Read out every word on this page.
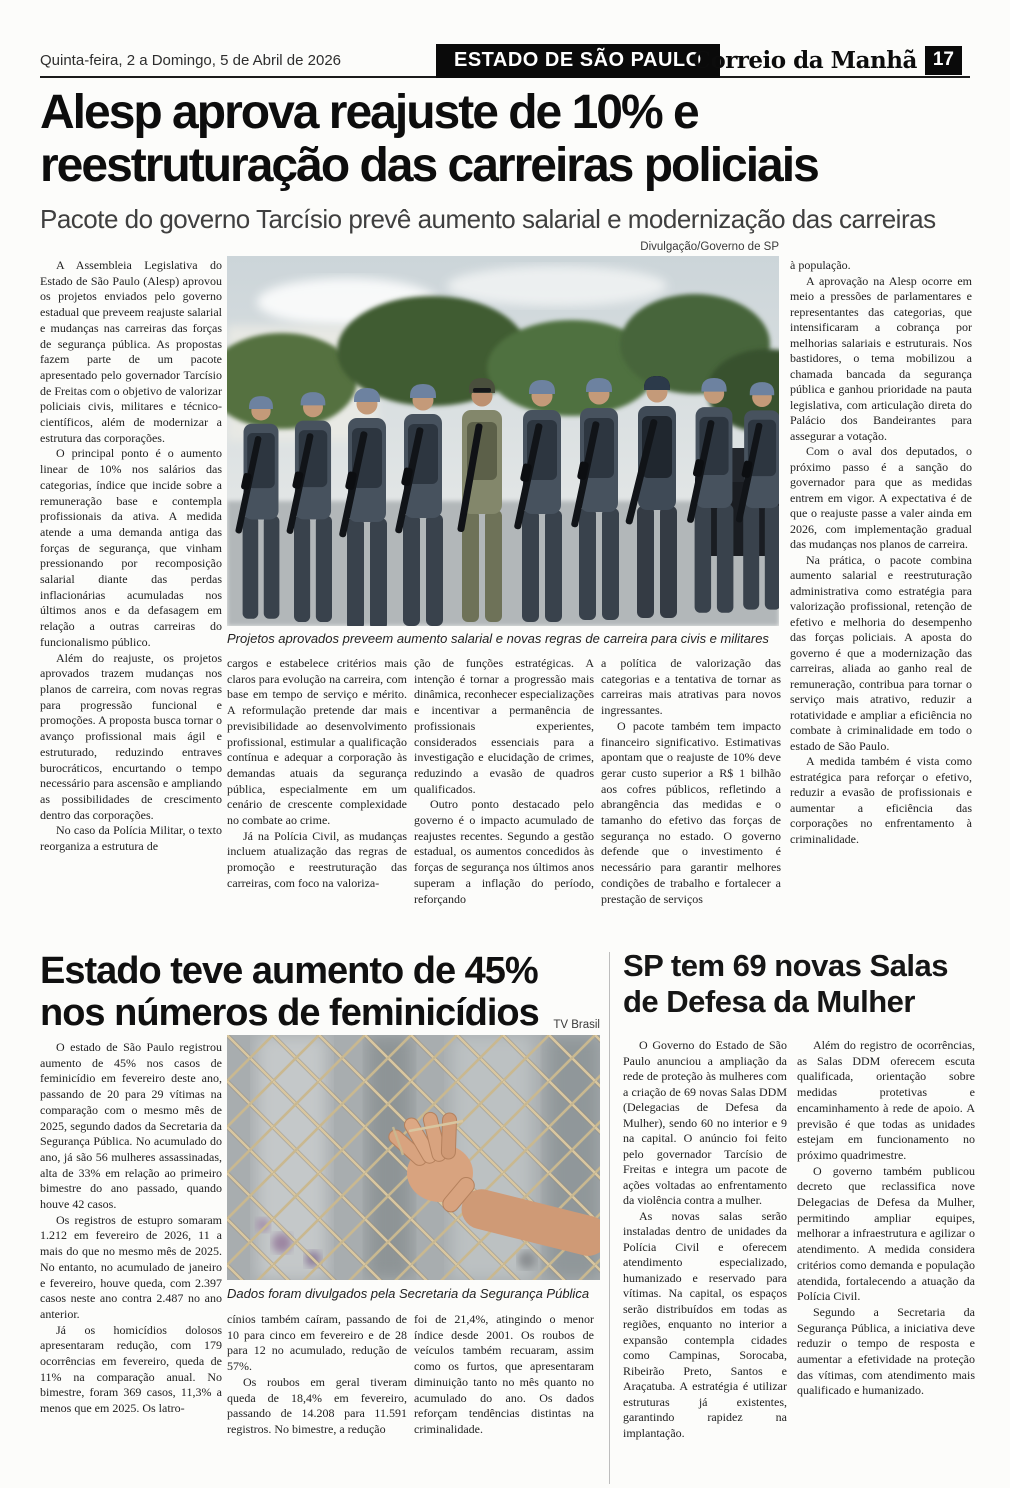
Quinta-feira, 2 a Domingo, 5 de Abril de 2026	ESTADO DE SÃO PAULO
Correio da Manhã 17
Alesp aprova reajuste de 10% e reestruturação das carreiras policiais
Pacote do governo Tarcísio prevê aumento salarial e modernização das carreiras
Divulgação/Governo de SP
Projetos aprovados preveem aumento salarial e novas regras de carreira para civis e militares

A Assembleia Legislativa do Estado de São Paulo (Alesp) aprovou os projetos enviados pelo governo estadual que preveem reajuste salarial e mudanças nas carreiras das forças de segurança pública. As propostas fazem parte de um pacote apresentado pelo governador Tarcísio de Freitas com o objetivo de valorizar policiais civis, militares e técnico-científicos, além de modernizar a estrutura das corporações.

O principal ponto é o aumento linear de 10% nos salários das categorias, índice que incide sobre a remuneração base e contempla profissionais da ativa. A medida atende a uma demanda antiga das forças de segurança, que vinham pressionando por recomposição salarial diante das perdas inflacionárias acumuladas nos últimos anos e da defasagem em relação a outras carreiras do funcionalismo público.

Além do reajuste, os projetos aprovados trazem mudanças nos planos de carreira, com novas regras para progressão funcional e promoções. A proposta busca tornar o avanço profissional mais ágil e estruturado, reduzindo entraves burocráticos, encurtando o tempo necessário para ascensão e ampliando as possibilidades de crescimento dentro das corporações.

No caso da Polícia Militar, o texto reorganiza a estrutura de

cargos e estabelece critérios mais claros para evolução na carreira, com base em tempo de serviço e mérito. A reformulação pretende dar mais previsibilidade ao desenvolvimento profissional, estimular a qualificação contínua e adequar a corporação às demandas atuais da segurança pública, especialmente em um cenário de crescente complexidade no combate ao crime.

Já na Polícia Civil, as mudanças incluem atualização das regras de promoção e reestruturação das carreiras, com foco na valoriza-

ção de funções estratégicas. A intenção é tornar a progressão mais dinâmica, reconhecer especializações e incentivar a permanência de profissionais experientes, considerados essenciais para a investigação e elucidação de crimes, reduzindo a evasão de quadros qualificados.

Outro ponto destacado pelo governo é o impacto acumulado de reajustes recentes. Segundo a gestão estadual, os aumentos concedidos às forças de segurança nos últimos anos superam a inflação do período, reforçando

a política de valorização das categorias e a tentativa de tornar as carreiras mais atrativas para novos ingressantes.

O pacote também tem impacto financeiro significativo. Estimativas apontam que o reajuste de 10% deve gerar custo superior a R$ 1 bilhão aos cofres públicos, refletindo a abrangência das medidas e o tamanho do efetivo das forças de segurança no estado. O governo defende que o investimento é necessário para garantir melhores condições de trabalho e fortalecer a prestação de serviços

à população.

A aprovação na Alesp ocorre em meio a pressões de parlamentares e representantes das categorias, que intensificaram a cobrança por melhorias salariais e estruturais. Nos bastidores, o tema mobilizou a chamada bancada da segurança pública e ganhou prioridade na pauta legislativa, com articulação direta do Palácio dos Bandeirantes para assegurar a votação.

Com o aval dos deputados, o próximo passo é a sanção do governador para que as medidas entrem em vigor. A expectativa é de que o reajuste passe a valer ainda em 2026, com implementação gradual das mudanças nos planos de carreira.

Na prática, o pacote combina aumento salarial e reestruturação administrativa como estratégia para valorização profissional, retenção de efetivo e melhoria do desempenho das forças policiais. A aposta do governo é que a modernização das carreiras, aliada ao ganho real de remuneração, contribua para tornar o serviço mais atrativo, reduzir a rotatividade e ampliar a eficiência no combate à criminalidade em todo o estado de São Paulo.

A medida também é vista como estratégica para reforçar o efetivo, reduzir a evasão de profissionais e aumentar a eficiência das corporações no enfrentamento à criminalidade.

Estado teve aumento de 45% nos números de feminicídios	TV Brasil
Dados foram divulgados pela Secretaria da Segurança Pública

O estado de São Paulo registrou aumento de 45% nos casos de feminicídio em fevereiro deste ano, passando de 20 para 29 vítimas na comparação com o mesmo mês de 2025, segundo dados da Secretaria da Segurança Pública. No acumulado do ano, já são 56 mulheres assassinadas, alta de 33% em relação ao primeiro bimestre do ano passado, quando houve 42 casos.

Os registros de estupro somaram 1.212 em fevereiro de 2026, 11 a mais do que no mesmo mês de 2025. No entanto, no acumulado de janeiro e fevereiro, houve queda, com 2.397 casos neste ano contra 2.487 no ano anterior.

Já os homicídios dolosos apresentaram redução, com 179 ocorrências em fevereiro, queda de 11% na comparação anual. No bimestre, foram 369 casos, 11,3% a menos que em 2025. Os latro-

cínios também caíram, passando de 10 para cinco em fevereiro e de 28 para 12 no acumulado, redução de 57%.

Os roubos em geral tiveram queda de 18,4% em fevereiro, passando de 14.208 para 11.591 registros. No bimestre, a redução

foi de 21,4%, atingindo o menor índice desde 2001. Os roubos de veículos também recuaram, assim como os furtos, que apresentaram diminuição tanto no mês quanto no acumulado do ano. Os dados reforçam tendências distintas na criminalidade.

SP tem 69 novas Salas de Defesa da Mulher

O Governo do Estado de São Paulo anunciou a ampliação da rede de proteção às mulheres com a criação de 69 novas Salas DDM (Delegacias de Defesa da Mulher), sendo 60 no interior e 9 na capital. O anúncio foi feito pelo governador Tarcísio de Freitas e integra um pacote de ações voltadas ao enfrentamento da violência contra a mulher.

As novas salas serão instaladas dentro de unidades da Polícia Civil e oferecem atendimento especializado, humanizado e reservado para vítimas. Na capital, os espaços serão distribuídos em todas as regiões, enquanto no interior a expansão contempla cidades como Campinas, Sorocaba, Ribeirão Preto, Santos e Araçatuba. A estratégia é utilizar estruturas já existentes, garantindo rapidez na implantação.

Além do registro de ocorrências, as Salas DDM oferecem escuta qualificada, orientação sobre medidas protetivas e encaminhamento à rede de apoio. A previsão é que todas as unidades estejam em funcionamento no próximo quadrimestre.

O governo também publicou decreto que reclassifica nove Delegacias de Defesa da Mulher, permitindo ampliar equipes, melhorar a infraestrutura e agilizar o atendimento. A medida considera critérios como demanda e população atendida, fortalecendo a atuação da Polícia Civil.

Segundo a Secretaria da Segurança Pública, a iniciativa deve reduzir o tempo de resposta e aumentar a efetividade na proteção das vítimas, com atendimento mais qualificado e humanizado.
